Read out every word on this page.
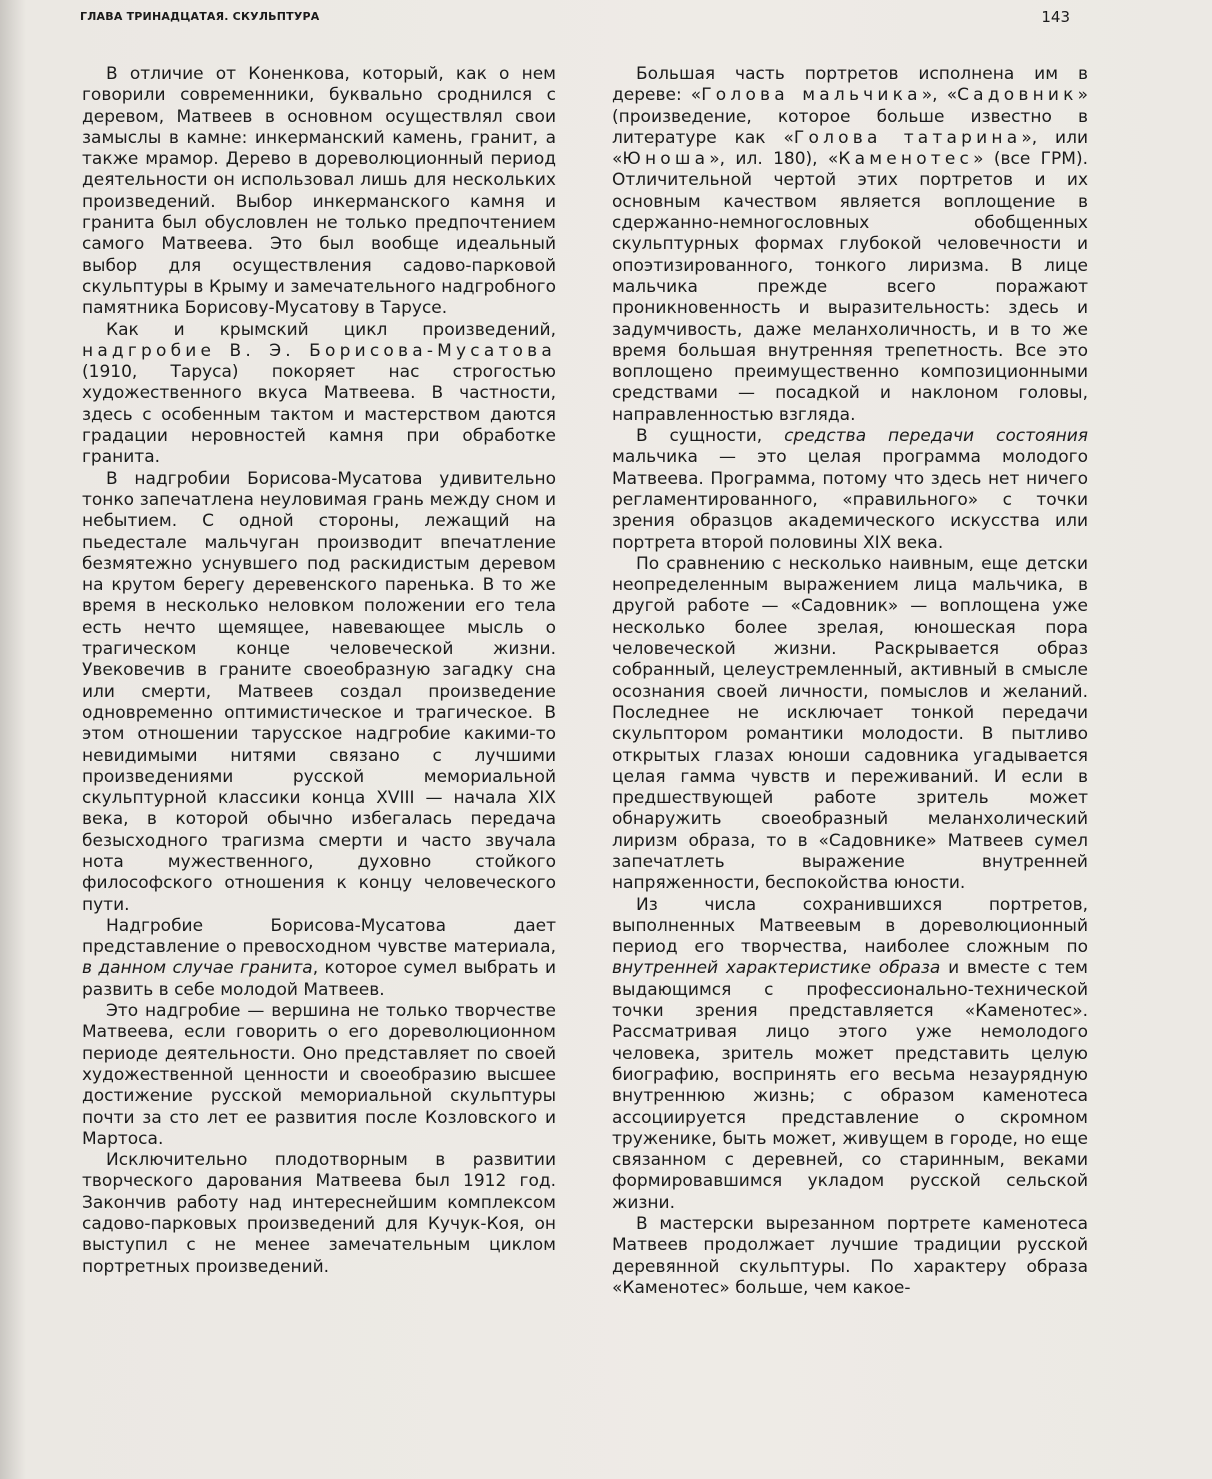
ГЛАВА ТРИНАДЦАТАЯ. СКУЛЬПТУРА	143

В отличие от Коненкова, который, как о нем говорили современники, буквально сроднился с деревом, Матвеев в основном осуществлял свои замыслы в камне: инкерманский камень, гранит, а также мрамор. Дерево в дореволюционный период деятельности он использовал лишь для нескольких произведений. Выбор инкерманского камня и гранита был обусловлен не только предпочтением самого Матвеева. Это был вообще идеальный выбор для осуществления садово-парковой скульптуры в Крыму и замечательного надгробного памятника Борисову-Мусатову в Тарусе.

Как и крымский цикл произведений, надгробие В. Э. Борисова-Мусатова (1910, Таруса) покоряет нас строгостью художественного вкуса Матвеева. В частности, здесь с особенным тактом и мастерством даются градации неровностей камня при обработке гранита.

В надгробии Борисова-Мусатова удивительно тонко запечатлена неуловимая грань между сном и небытием. С одной стороны, лежащий на пьедестале мальчуган производит впечатление безмятежно уснувшего под раскидистым деревом на крутом берегу деревенского паренька. В то же время в несколько неловком положении его тела есть нечто щемящее, навевающее мысль о трагическом конце человеческой жизни. Увековечив в граните своеобразную загадку сна или смерти, Матвеев создал произведение одновременно оптимистическое и трагическое. В этом отношении тарусское надгробие какими-то невидимыми нитями связано с лучшими произведениями русской мемориальной скульптурной классики конца XVIII — начала XIX века, в которой обычно избегалась передача безысходного трагизма смерти и часто звучала нота мужественного, духовно стойкого философского отношения к концу человеческого пути.

Надгробие Борисова-Мусатова дает представление о превосходном чувстве материала, в данном случае гранита, которое сумел выбрать и развить в себе молодой Матвеев.

Это надгробие — вершина не только творчестве Матвеева, если говорить о его дореволюционном периоде деятельности. Оно представляет по своей художественной ценности и своеобразию высшее достижение русской мемориальной скульптуры почти за сто лет ее развития после Козловского и Мартоса.

Исключительно плодотворным в развитии творческого дарования Матвеева был 1912 год. Закончив работу над интереснейшим комплексом садово-парковых произведений для Кучук-Коя, он выступил с не менее замечательным циклом портретных произведений.

Большая часть портретов исполнена им в дереве: «Голова мальчика», «Садовник» (произведение, которое больше известно в литературе как «Голова татарина», или «Юноша», ил. 180), «Каменотес» (все ГРМ). Отличительной чертой этих портретов и их основным качеством является воплощение в сдержанно-немногословных обобщенных скульптурных формах глубокой человечности и опоэтизированного, тонкого лиризма. В лице мальчика прежде всего поражают проникновенность и выразительность: здесь и задумчивость, даже меланхоличность, и в то же время большая внутренняя трепетность. Все это воплощено преимущественно композиционными средствами — посадкой и наклоном головы, направленностью взгляда.

В сущности, средства передачи состояния мальчика — это целая программа молодого Матвеева. Программа, потому что здесь нет ничего регламентированного, «правильного» с точки зрения образцов академического искусства или портрета второй половины XIX века.

По сравнению с несколько наивным, еще детски неопределенным выражением лица мальчика, в другой работе — «Садовник» — воплощена уже несколько более зрелая, юношеская пора человеческой жизни. Раскрывается образ собранный, целеустремленный, активный в смысле осознания своей личности, помыслов и желаний. Последнее не исключает тонкой передачи скульптором романтики молодости. В пытливо открытых глазах юноши садовника угадывается целая гамма чувств и переживаний. И если в предшествующей работе зритель может обнаружить своеобразный меланхолический лиризм образа, то в «Садовнике» Матвеев сумел запечатлеть выражение внутренней напряженности, беспокойства юности.

Из числа сохранившихся портретов, выполненных Матвеевым в дореволюционный период его творчества, наиболее сложным по внутренней характеристике образа и вместе с тем выдающимся с профессионально-технической точки зрения представляется «Каменотес». Рассматривая лицо этого уже немолодого человека, зритель может представить целую биографию, воспринять его весьма незаурядную внутреннюю жизнь; с образом каменотеса ассоциируется представление о скромном труженике, быть может, живущем в городе, но еще связанном с деревней, со старинным, веками формировавшимся укладом русской сельской жизни.

В мастерски вырезанном портрете каменотеса Матвеев продолжает лучшие традиции русской деревянной скульптуры. По характеру образа «Каменотес» больше, чем какое-
